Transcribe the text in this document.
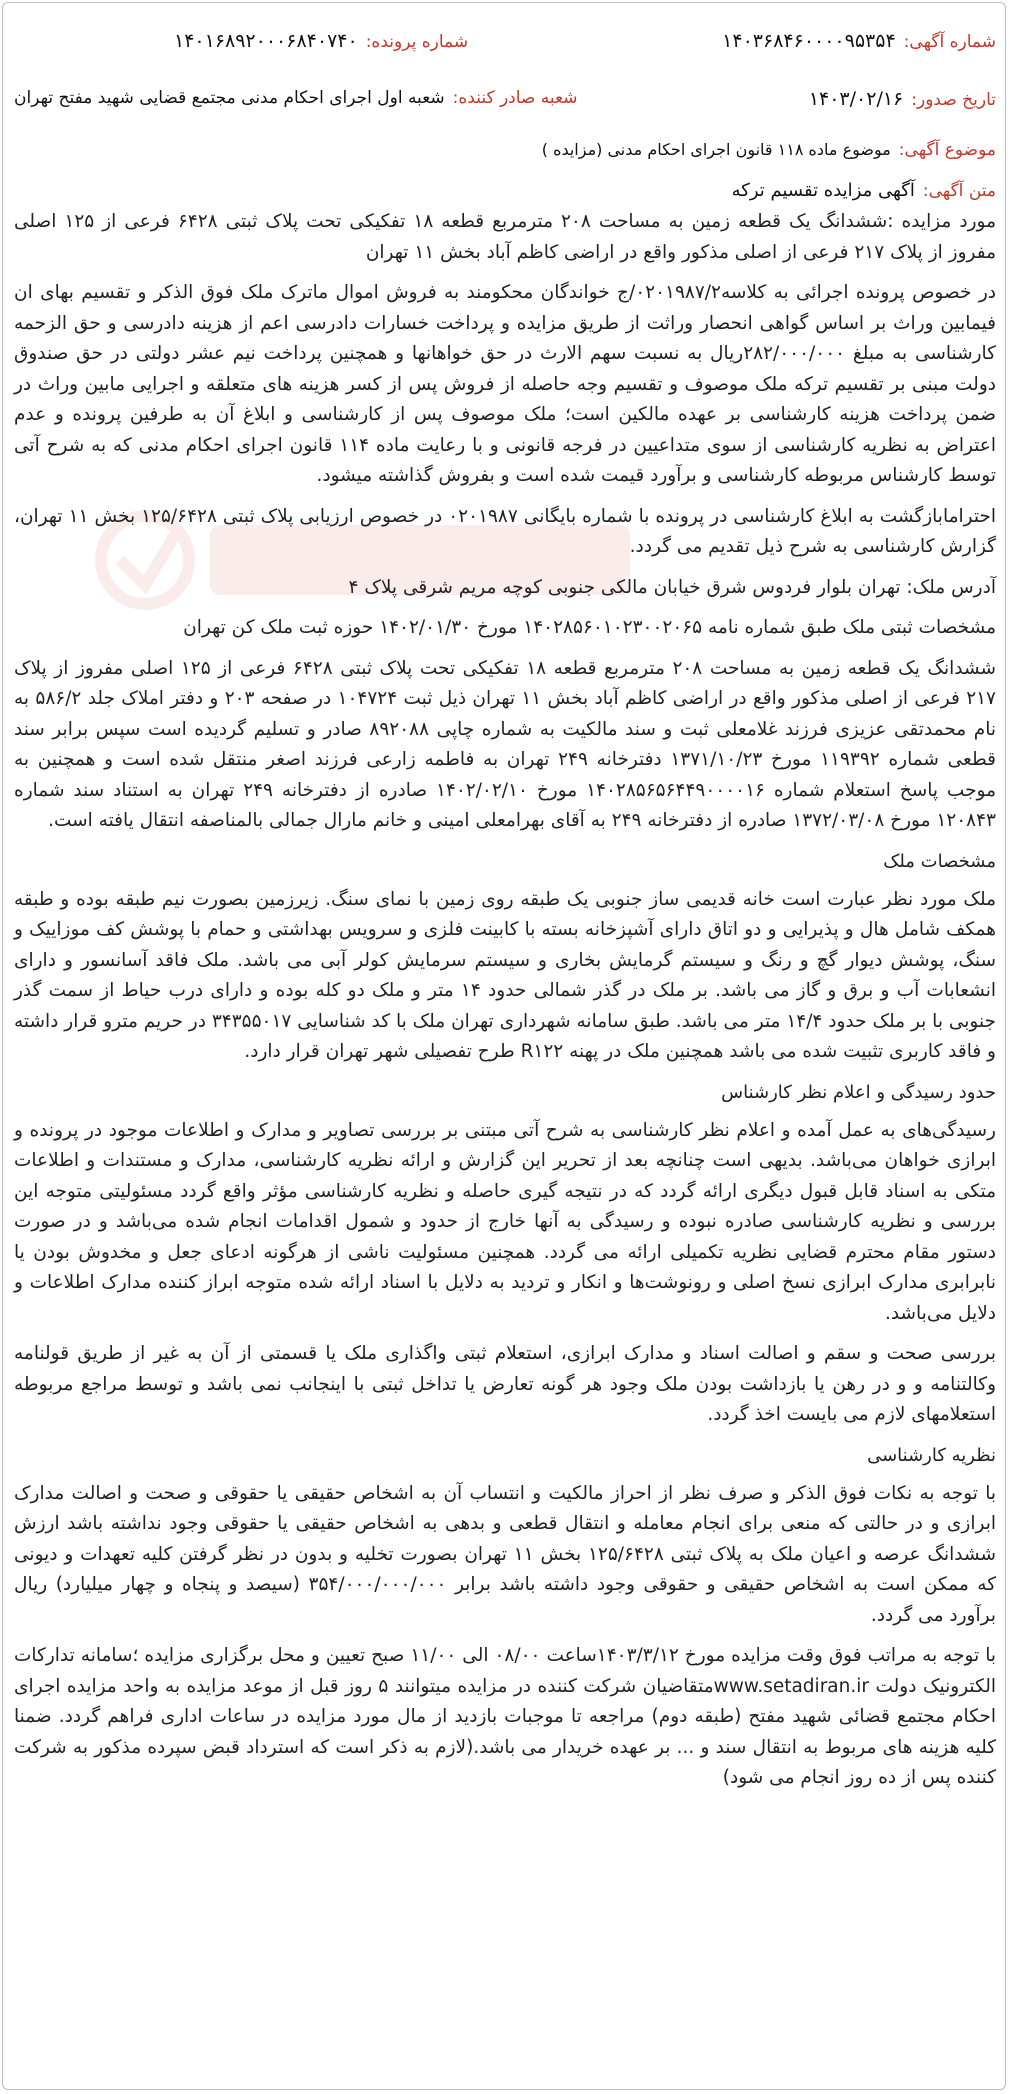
شماره آگهی:
۱۴۰۳۶۸۴۶۰۰۰۰۹۵۳۵۴
شماره پرونده:
۱۴۰۱۶۸۹۲۰۰۰۶۸۴۰۷۴۰
تاریخ صدور:
۱۴۰۳/۰۲/۱۶
شعبه صادر کننده:
شعبه اول اجرای احکام مدنی مجتمع قضایی شهید مفتح تهران
موضوع آگهی:
موضوع ماده ۱۱۸ قانون اجرای احکام مدنی (مزایده )
متن آگهی:
آگهی مزایده تقسیم ترکه

مورد مزایده :ششدانگ یک قطعه زمین به مساحت ۲۰۸ مترمربع قطعه ۱۸ تفکیکی تحت پلاک ثبتی ۶۴۲۸ فرعی از ۱۲۵ اصلی مفروز از پلاک ۲۱۷ فرعی از اصلی مذکور واقع در اراضی کاظم آباد بخش ۱۱ تهران

در خصوص پرونده اجرائی به کلاسه۰۲۰۱۹۸۷/۲/ج خواندگان محکومند به فروش اموال ماترک ملک فوق الذکر و تقسیم بهای ان فیمابین وراث بر اساس گواهی انحصار وراثت از طریق مزایده و پرداخت خسارات دادرسی اعم از هزینه دادرسی و حق الزحمه کارشناسی به مبلغ ۲۸۲/۰۰۰/۰۰۰ریال به نسبت سهم الارث در حق خواهانها و همچنین پرداخت نیم عشر دولتی در حق صندوق دولت مبنی بر تقسیم ترکه ملک موصوف و تقسیم وجه حاصله از فروش پس از کسر هزینه های متعلقه و اجرایی مابین وراث در ضمن پرداخت هزینه کارشناسی بر عهده مالکین است؛ ملک موصوف پس از کارشناسی و ابلاغ آن به طرفین پرونده و عدم اعتراض به نظریه کارشناسی از سوی متداعیین در فرجه قانونی و با رعایت ماده ۱۱۴ قانون اجرای احکام مدنی که به شرح آتی توسط کارشناس مربوطه کارشناسی و برآورد قیمت شده است و بفروش گذاشته میشود.

احتراماباز‌گشت به ابلاغ کارشناسی در پرونده با شماره بایگانی ۰۲۰۱۹۸۷ در خصوص ارزیابی پلاک ثبتی ۱۲۵/۶۴۲۸ بخش ۱۱ تهران، گزارش کارشناسی به شرح ذیل تقدیم می گردد.

آدرس ملک: تهران بلوار فردوس شرق خیابان مالکی جنوبی کوچه مریم شرقی پلاک ۴

مشخصات ثبتی ملک طبق شماره نامه ۱۴۰۲۸۵۶۰۱۰۲۳۰۰۲۰۶۵ مورخ ۱۴۰۲/۰۱/۳۰ حوزه ثبت ملک کن تهران

ششدانگ یک قطعه زمین به مساحت ۲۰۸ مترمربع قطعه ۱۸ تفکیکی تحت پلاک ثبتی ۶۴۲۸ فرعی از ۱۲۵ اصلی مفروز از پلاک ۲۱۷ فرعی از اصلی مذکور واقع در اراضی کاظم آباد بخش ۱۱ تهران ذیل ثبت ۱۰۴۷۲۴ در صفحه ۲۰۳ و دفتر املاک جلد ۵۸۶/۲ به نام محمدتقی عزیزی فرزند غلامعلی ثبت و سند مالکیت به شماره چاپی ۸۹۲۰۸۸ صادر و تسلیم گردیده است سپس برابر سند قطعی شماره ۱۱۹۳۹۲ مورخ ۱۳۷۱/۱۰/۲۳ دفترخانه ۲۴۹ تهران به فاطمه زارعی فرزند اصغر منتقل شده است و همچنین به موجب پاسخ استعلام شماره ۱۴۰۲۸۵۶۵۶۴۴۹۰۰۰۰۱۶ مورخ ۱۴۰۲/۰۲/۱۰ صادره از دفترخانه ۲۴۹ تهران به استناد سند شماره ۱۲۰۸۴۳ مورخ ۱۳۷۲/۰۳/۰۸ صادره از دفترخانه ۲۴۹ به آقای بهرامعلی امینی و خانم مارال جمالی بالمناصفه انتقال یافته است.

مشخصات ملک

ملک مورد نظر عبارت است خانه قدیمی ساز جنوبی یک طبقه روی زمین با نمای سنگ. زیرزمین بصورت نیم طبقه بوده و طبقه همکف شامل هال و پذیرایی و دو اتاق دارای آشپزخانه بسته با کابینت فلزی و سرویس بهداشتی و حمام با پوشش کف موزاییک و سنگ، پوشش دیوار گچ و رنگ و سیستم گرمایش بخاری و سیستم سرمایش کولر آبی می باشد. ملک فاقد آسانسور و دارای انشعابات آب و برق و گاز می باشد. بر ملک در گذر شمالی حدود ۱۴ متر و ملک دو کله بوده و دارای درب حیاط از سمت گذر جنوبی با بر ملک حدود ۱۴/۴ متر می باشد. طبق سامانه شهرداری تهران ملک با کد شناسایی ۳۴۳۵۵۰۱۷ در حریم مترو قرار داشته و فاقد کاربری تثبیت شده می باشد همچنین ملک در پهنه R۱۲۲ طرح تفصیلی شهر تهران قرار دارد.

حدود رسیدگی و اعلام نظر کارشناس

رسیدگی‌های به عمل آمده و اعلام نظر کارشناسی به شرح آتی مبتنی بر بررسی تصاویر و مدارک و اطلاعات موجود در پرونده و ابرازی خواهان می‌باشد. بدیهی است چنانچه بعد از تحریر این گزارش و ارائه نظریه کارشناسی، مدارک و مستندات و اطلاعات متکی به اسناد قابل قبول دیگری ارائه گردد که در نتیجه گیری حاصله و نظریه کارشناسی مؤثر واقع گردد مسئولیتی متوجه این بررسی و نظریه کارشناسی صادره نبوده و رسیدگی به آنها خارج از حدود و شمول اقدامات انجام شده می‌باشد و در صورت دستور مقام محترم قضایی نظریه تکمیلی ارائه می گردد. همچنین مسئولیت ناشی از هرگونه ادعای جعل و مخدوش بودن یا نابرابری مدارک ابرازی نسخ اصلی و رونوشت‌ها و انکار و تردید به دلایل با اسناد ارائه شده متوجه ابراز کننده مدارک اطلاعات و دلایل می‌باشد.

بررسی صحت و سقم و اصالت اسناد و مدارک ابرازی، استعلام ثبتی واگذاری ملک یا قسمتی از آن به غیر از طریق قولنامه وکالتنامه و و در رهن یا بازداشت بودن ملک وجود هر گونه تعارض یا تداخل ثبتی با اینجانب نمی باشد و توسط مراجع مربوطه استعلامهای لازم می بایست اخذ گردد.

نظریه کارشناسی

با توجه به نکات فوق الذکر و صرف نظر از احراز مالکیت و انتساب آن به اشخاص حقیقی یا حقوقی و صحت و اصالت مدارک ابرازی و در حالتی که منعی برای انجام معامله و انتقال قطعی و بدهی به اشخاص حقیقی یا حقوقی وجود نداشته باشد ارزش ششدانگ عرصه و اعیان ملک به پلاک ثبتی ۱۲۵/۶۴۲۸ بخش ۱۱ تهران بصورت تخلیه و بدون در نظر گرفتن کلیه تعهدات و دیونی که ممکن است به اشخاص حقیقی و حقوقی وجود داشته باشد برابر ۳۵۴/۰۰۰/۰۰۰/۰۰۰ (سیصد و پنجاه و چهار میلیارد) ریال برآورد می گردد.

با توجه به مراتب فوق وقت مزایده مورخ ۱۴۰۳/۳/۱۲ساعت ۰۸/۰۰ الی ۱۱/۰۰ صبح تعیین و محل برگزاری مزایده ؛سامانه تدارکات الکترونیک دولت www.setadiran.irمتقاضیان شرکت کننده در مزایده میتوانند ۵ روز قبل از موعد مزایده به واحد مزایده اجرای احکام مجتمع قضائی شهید مفتح (طبقه دوم) مراجعه تا موجبات بازدید از مال مورد مزایده در ساعات اداری فراهم گردد. ضمنا کلیه هزینه های مربوط به انتقال سند و ... بر عهده خریدار می باشد.(لازم به ذکر است که استرداد قبض سپرده مذکور به شرکت کننده پس از ده روز انجام می شود)
